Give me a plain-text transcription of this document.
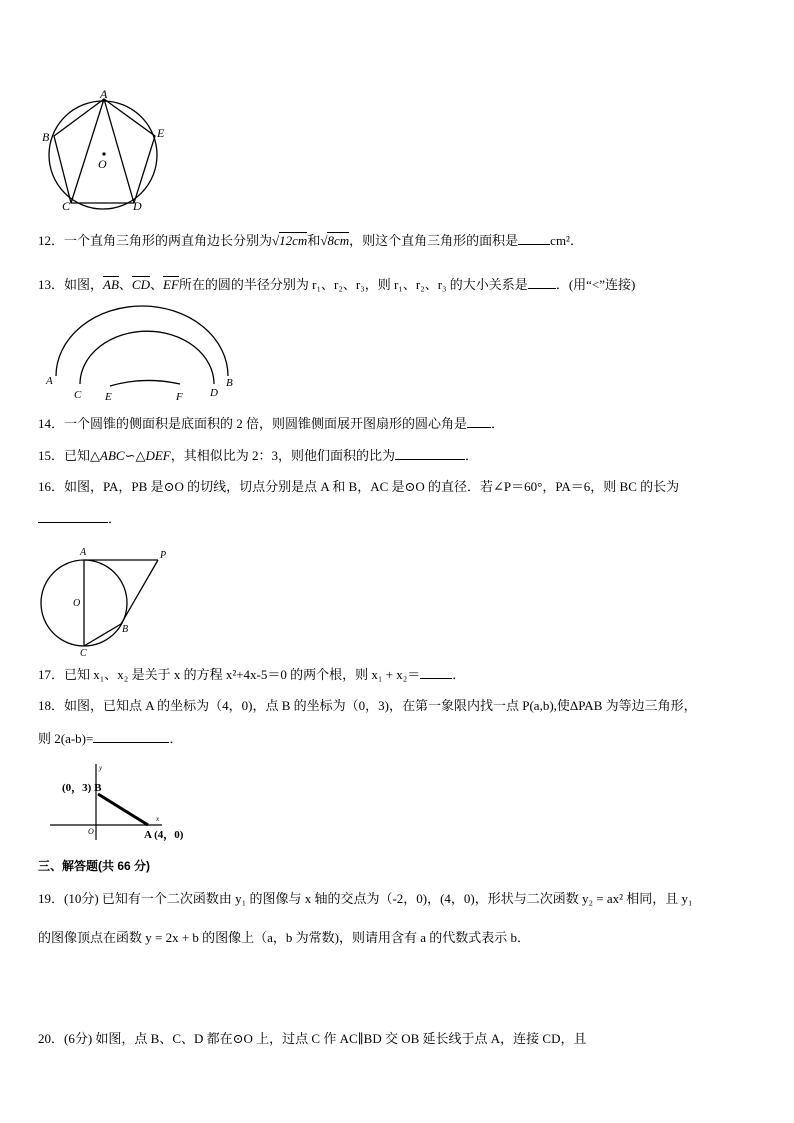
A
B	E
O
C	D
12．一个直角三角形的两直角边长分别为√12cm和√8cm，则这个直角三角形的面积是 cm²．
13．如图，AB、CD、EF所在的圆的半径分别为 r₁、r₂、r₃，则 r₁、r₂、r₃ 的大小关系是 ．(用“<”连接)
A	B
C	D
E	F
14．一个圆锥的侧面积是底面积的 2 倍，则圆锥侧面展开图扇形的圆心角是 ．
15．已知△ABC∽△DEF，其相似比为 2：3，则他们面积的比为	．
16．如图，PA，PB 是⊙O 的切线，切点分别是点 A 和 B，AC 是⊙O 的直径．若∠P＝60°，PA＝6，则 BC 的长为
．
A	P
O
B
C
17．已知 x₁、x₂ 是关于 x 的方程 x²+4x-5＝0 的两个根，则 x₁ + x₂＝ ．
18．如图，已知点 A 的坐标为（4，0)，点 B 的坐标为（0，3)，在第一象限内找一点 P(a,b),使ΔPAB 为等边三角形，
则 2(a-b)=	．
(0，3) B
A (4，0)
O
x
y
三、解答题(共 66 分)
19．(10分) 已知有一个二次函数由 y₁ 的图像与 x 轴的交点为（-2，0)，(4，0)，形状与二次函数 y₂ = ax² 相同，且 y₁
的图像顶点在函数 y = 2x + b 的图像上（a，b 为常数)，则请用含有 a 的代数式表示 b．
20．(6分) 如图，点 B、C、D 都在⊙O 上，过点 C 作 AC∥BD 交 OB 延长线于点 A，连接 CD，且
